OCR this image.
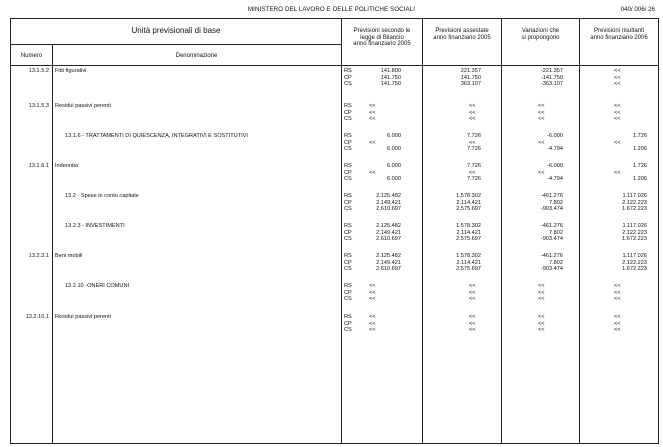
MINISTERO DEL LAVORO E DELLE POLITICHE SOCIALI	040/ 006/ 26
Unità previsionali di base
Numero	Denominazione
Previsioni secondo le
legge di Bilancio
anno finanziario 2005
Previsioni assestate
anno finanziario 2005
Variazioni che
si propongono
Previsioni risultanti
anno finanziario 2006
13.1.5.2 Fitti figurativi	RS	141.800	221.357	-221.357	<<
CP	141.750	141.750	-141.750	<<
CS	141.750	363.107	-363.107	<<
13.1.5.3 Residui passivi perenti	RS	<<	<<	<<	<<
CP	<<	<<	<<	<<
CS	<<	<<	<<	<<
13.1.6 - TRATTAMENTI DI QUIESCENZA, INTEGRATIVI E SOSTITUTIVI	RS	6.000	7.726	-6.000	1.726
CP	<<	<<	<<	<<
CS	6.000	7.726	-4.794	1.206
13.1.6.1 Indennita'	RS	6.000	7.726	-6.000	1.726
CP	<<	<<	<<	<<
CS	6.000	7.726	-4.794	1.206
13.2 - Spese in conto capitale	RS	2.125.482	1.578.302	-461.276	1.117.026
CP	2.149.421	2.114.421	7.802	2.122.223
CS	2.610.697	2.575.697	-903.474	1.672.223
13.2.3 - INVESTIMENTI	RS	2.125.482	1.578.302	-461.276	1.117.026
CP	2.149.421	2.114.421	7.802	2.122.223
CS	2.610.697	2.575.697	-903.474	1.672.223
13.2.3.1 Beni mobili	RS	2.125.482	1.578.302	-461.276	1.117.026
CP	2.149.421	2.114.421	7.802	2.122.223
CS	2.610.697	2.575.697	-903.474	1.672.223
13.2.10 -ONERI COMUNI	RS	<<	<<	<<	<<
CP	<<	<<	<<	<<
CS	<<	<<	<<	<<
13.2.10.1 Residui passivi perenti	RS	<<	<<	<<	<<
CP	<<	<<	<<	<<
CS	<<	<<	<<	<<
